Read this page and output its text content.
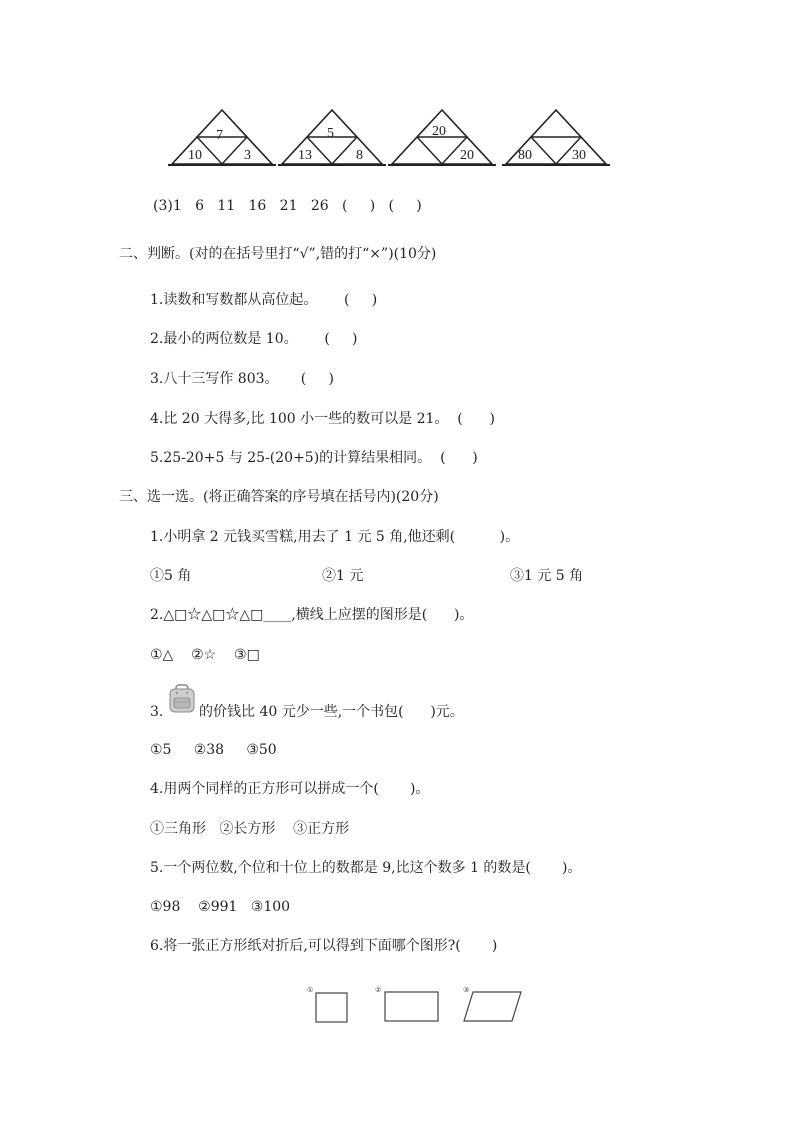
7
10	3
5
13	8
20
20	80	30
(3)1   6   11   16   21   26   (     )   (     )
二、判断。(对的在括号里打“√”,错的打“×”)(10分)
1.读数和写数都从高位起。      (     )
2.最小的两位数是 10。      (     )
3.八十三写作 803。     (     )
4.比 20 大得多,比 100 小一些的数可以是 21。  (      )
5.25-20+5 与 25-(20+5)的计算结果相同。  (      )
三、选一选。(将正确答案的序号填在括号内)(20分)
1.小明拿 2 元钱买雪糕,用去了 1 元 5 角,他还剩(          )。
①5 角	②1 元	③1 元 5 角
2.△□☆△□☆△□____,横线上应摆的图形是(      )。
①△    ②☆    ③□
3.	的价钱比 40 元少一些,一个书包(      )元。
①5     ②38     ③50
4.用两个同样的正方形可以拼成一个(       )。
①三角形   ②长方形    ③正方形
5.一个两位数,个位和十位上的数都是 9,比这个数多 1 的数是(       )。
①98    ②991   ③100
6.将一张正方形纸对折后,可以得到下面哪个图形?(       )
①	②	③
